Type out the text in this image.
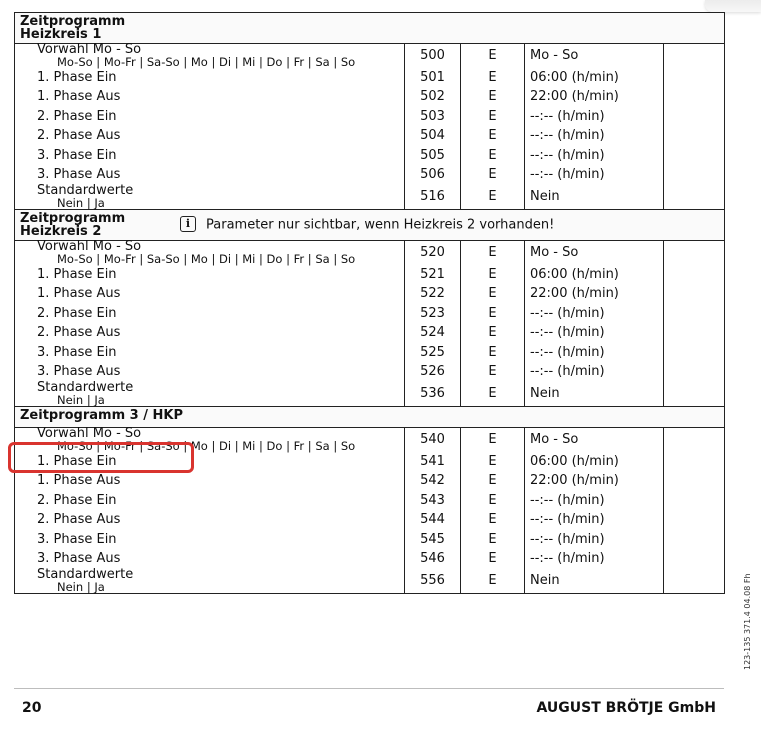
Zeitprogramm
Heizkreis 1				

Vorwahl Mo - So
Mo-So | Mo-Fr | Sa-So | Mo | Di | Mi | Do | Fr | Sa | So	500	E	Mo - So	

1. Phase Ein	501	E	06:00 (h/min)	

1. Phase Aus	502	E	22:00 (h/min)	

2. Phase Ein	503	E	--:-- (h/min)	

2. Phase Aus	504	E	--:-- (h/min)	

3. Phase Ein	505	E	--:-- (h/min)	

3. Phase Aus	506	E	--:-- (h/min)	

Standardwerte
Nein | Ja	516	E	Nein	

Zeitprogramm
Heizkreis 2
i Parameter nur sichtbar, wenn Heizkreis 2 vorhanden!				

Vorwahl Mo - So
Mo-So | Mo-Fr | Sa-So | Mo | Di | Mi | Do | Fr | Sa | So	520	E	Mo - So	

1. Phase Ein	521	E	06:00 (h/min)	

1. Phase Aus	522	E	22:00 (h/min)	

2. Phase Ein	523	E	--:-- (h/min)	

2. Phase Aus	524	E	--:-- (h/min)	

3. Phase Ein	525	E	--:-- (h/min)	

3. Phase Aus	526	E	--:-- (h/min)	

Standardwerte
Nein | Ja	536	E	Nein	

Zeitprogramm 3 / HKP				

Vorwahl Mo - So
Mo-So | Mo-Fr | Sa-So | Mo | Di | Mi | Do | Fr | Sa | So	540	E	Mo - So	

1. Phase Ein	541	E	06:00 (h/min)	

1. Phase Aus	542	E	22:00 (h/min)	

2. Phase Ein	543	E	--:-- (h/min)	

2. Phase Aus	544	E	--:-- (h/min)	

3. Phase Ein	545	E	--:-- (h/min)	

3. Phase Aus	546	E	--:-- (h/min)	

Standardwerte
Nein | Ja	556	E	Nein	
20	AUGUST BRÖTJE GmbH
123-135 371.4 04.08 Fh
